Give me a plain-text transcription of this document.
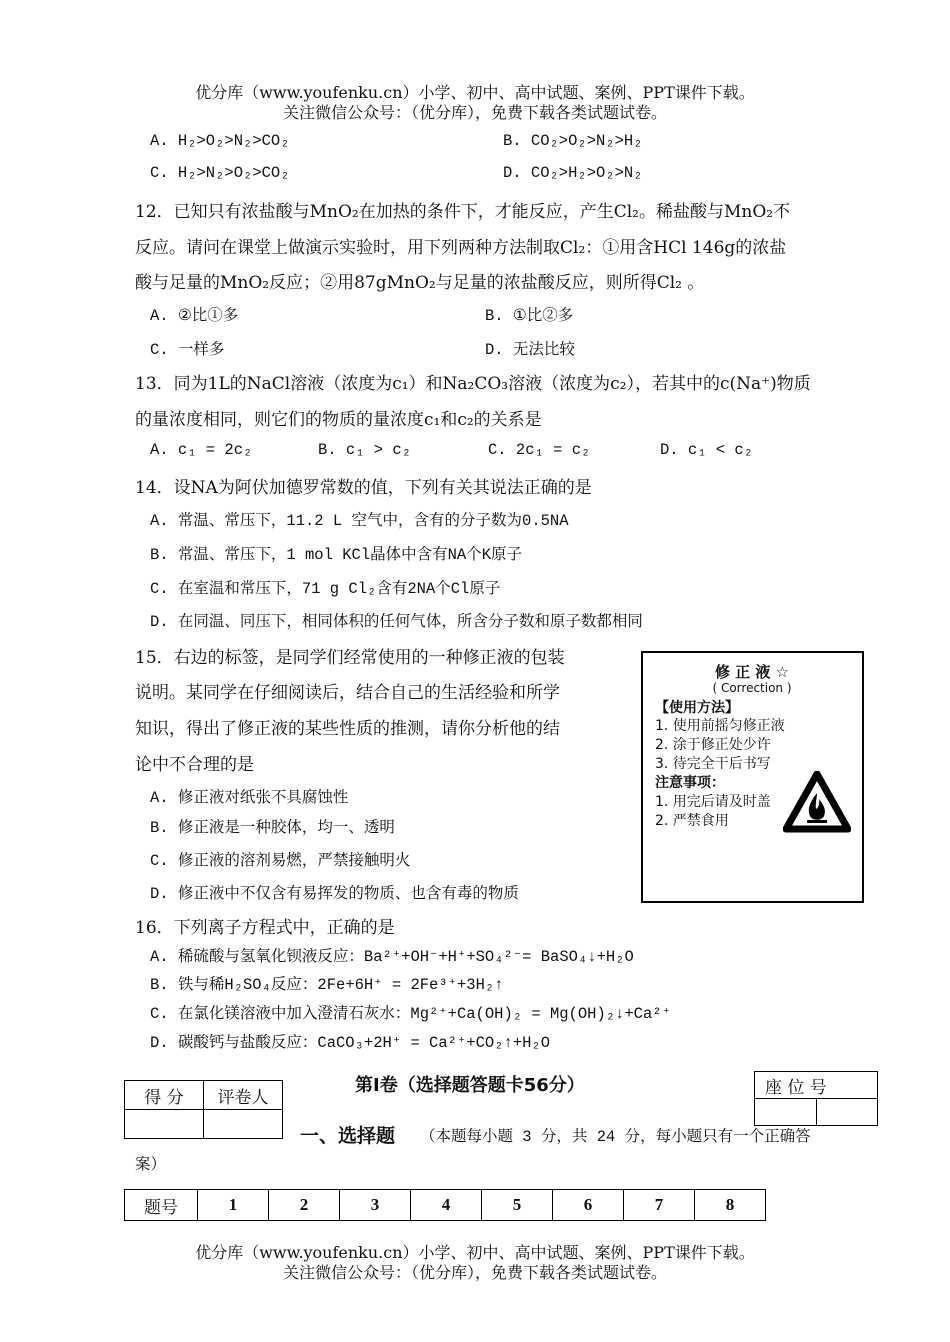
优分库（www.youfenku.cn）小学、初中、高中试题、案例、PPT课件下载。
关注微信公众号：（优分库），免费下载各类试题试卷。
A. H₂>O₂>N₂>CO₂	B. CO₂>O₂>N₂>H₂
C. H₂>N₂>O₂>CO₂	D. CO₂>H₂>O₂>N₂
12．已知只有浓盐酸与MnO₂在加热的条件下，才能反应，产生Cl₂。稀盐酸与MnO₂不
反应。请问在课堂上做演示实验时，用下列两种方法制取Cl₂：①用含HCl 146g的浓盐
酸与足量的MnO₂反应；②用87gMnO₂与足量的浓盐酸反应，则所得Cl₂ 。
A. ②比①多	B. ①比②多
C. 一样多	D. 无法比较
13．同为1L的NaCl溶液（浓度为c₁）和Na₂CO₃溶液（浓度为c₂），若其中的c(Na⁺)物质
的量浓度相同，则它们的物质的量浓度c₁和c₂的关系是
A. c₁ = 2c₂	B. c₁ > c₂	C. 2c₁ = c₂	D. c₁ < c₂
14．设NA为阿伏加德罗常数的值，下列有关其说法正确的是
A. 常温、常压下，11.2 L 空气中，含有的分子数为0.5NA
B. 常温、常压下，1 mol KCl晶体中含有NA个K原子
C. 在室温和常压下，71 g Cl₂含有2NA个Cl原子
D. 在同温、同压下，相同体积的任何气体，所含分子数和原子数都相同
15．右边的标签，是同学们经常使用的一种修正液的包装
说明。某同学在仔细阅读后，结合自己的生活经验和所学
知识，得出了修正液的某些性质的推测，请你分析他的结
论中不合理的是
A. 修正液对纸张不具腐蚀性
B. 修正液是一种胶体，均一、透明
C. 修正液的溶剂易燃，严禁接触明火
D. 修正液中不仅含有易挥发的物质、也含有毒的物质
修 正 液 ☆
( Correction )
【使用方法】
1. 使用前摇匀修正液
2. 涂于修正处少许
3. 待完全干后书写
注意事项：
1. 用完后请及时盖
2. 严禁食用
16．下列离子方程式中，正确的是
A. 稀硫酸与氢氧化钡液反应：Ba²⁺+OH⁻+H⁺+SO₄²⁻= BaSO₄↓+H₂O
B. 铁与稀H₂SO₄反应：2Fe+6H⁺ = 2Fe³⁺+3H₂↑
C. 在氯化镁溶液中加入澄清石灰水：Mg²⁺+Ca(OH)₂ = Mg(OH)₂↓+Ca²⁺
D. 碳酸钙与盐酸反应：CaCO₃+2H⁺ = Ca²⁺+CO₂↑+H₂O
得 分	评卷人

第Ⅰ卷（选择题答题卡56分）	座 位 号

一、选择题 （本题每小题 3 分，共 24 分，每小题只有一个正确答
案）
题号	1	2	3	4	5	6	7	8
优分库（www.youfenku.cn）小学、初中、高中试题、案例、PPT课件下载。
关注微信公众号：（优分库），免费下载各类试题试卷。
